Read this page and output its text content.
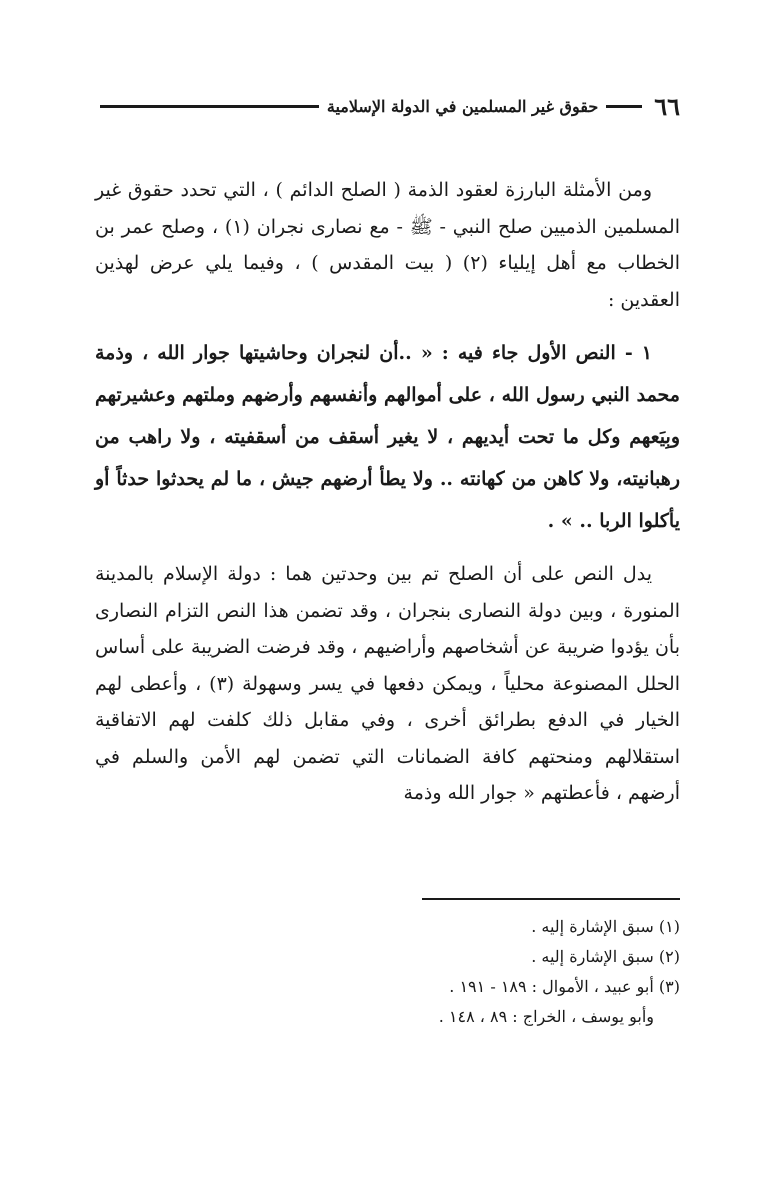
٦٦
حقوق غير المسلمين في الدولة الإسلامية

ومن الأمثلة البارزة لعقود الذمة ( الصلح الدائم ) ، التي تحدد حقوق غير المسلمين الذميين صلح النبي - ﷺ - مع نصارى نجران (١) ، وصلح عمر بن الخطاب مع أهل إيلياء (٢) ( بيت المقدس ) ، وفيما يلي عرض لهذين العقدين :

١ - النص الأول جاء فيه : « ..أن لنجران وحاشيتها جوار الله ، وذمة محمد النبي رسول الله ، على أموالهم وأنفسهم وأرضهم وملتهم وعشيرتهم وبِيَعهم وكل ما تحت أيديهم ، لا يغير أسقف من أسقفيته ، ولا راهب من رهبانيته، ولا كاهن من كهانته .. ولا يطأ أرضهم جيش ، ما لم يحدثوا حدثاً أو يأكلوا الربا .. » .

يدل النص على أن الصلح تم بين وحدتين هما : دولة الإسلام بالمدينة المنورة ، وبين دولة النصارى بنجران ، وقد تضمن هذا النص التزام النصارى بأن يؤدوا ضريبة عن أشخاصهم وأراضيهم ، وقد فرضت الضريبة على أساس الحلل المصنوعة محلياً ، ويمكن دفعها في يسر وسهولة (٣) ، وأعطى لهم الخيار في الدفع بطرائق أخرى ، وفي مقابل ذلك كلفت لهم الاتفاقية استقلالهم ومنحتهم كافة الضمانات التي تضمن لهم الأمن والسلم في أرضهم ، فأعطتهم « جوار الله وذمة

(١) سبق الإشارة إليه .

(٢) سبق الإشارة إليه .

(٣) أبو عبيد ، الأموال : ١٨٩ - ١٩١ .

وأبو يوسف ، الخراج : ٨٩ ، ١٤٨ .
